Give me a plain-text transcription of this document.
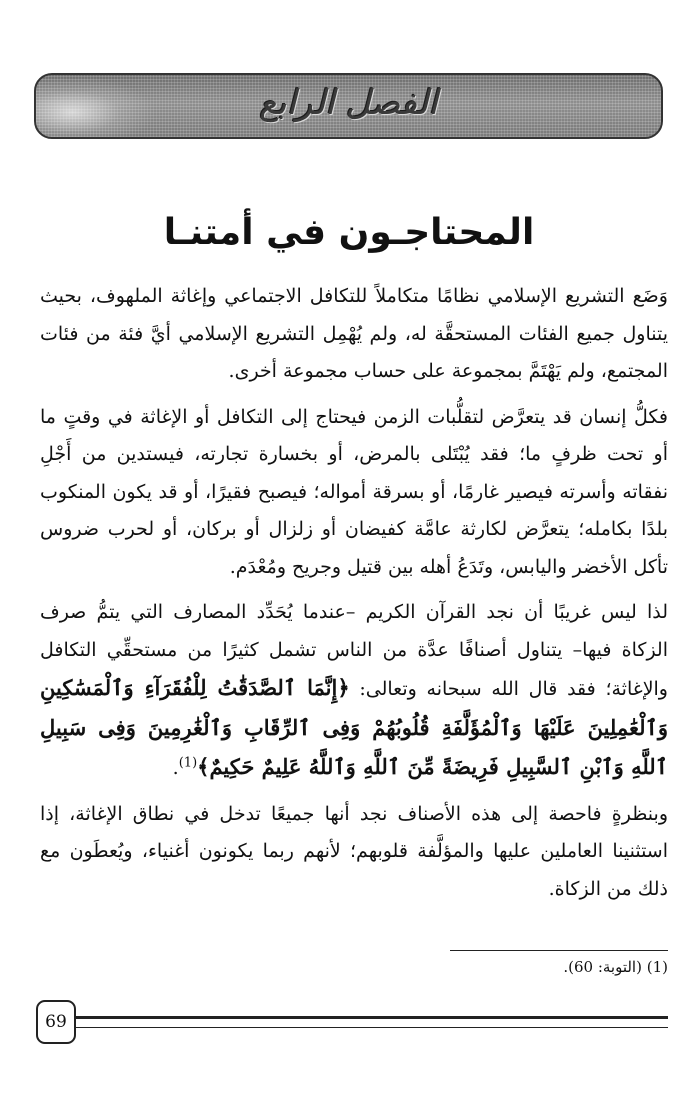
الفصل الرابع
المحتاجـون في أمتنـا

وَضَع التشريع الإسلامي نظامًا متكاملاً للتكافل الاجتماعي وإغاثة الملهوف، بحيث يتناول جميع الفئات المستحقَّة له، ولم يُهْمِل التشريع الإسلامي أيَّ فئة من فئات المجتمع، ولم يَهْتَمَّ بمجموعة على حساب مجموعة أخرى.

فكلُّ إنسان قد يتعرَّض لتقلُّبات الزمن فيحتاج إلى التكافل أو الإغاثة في وقتٍ ما أو تحت ظرفٍ ما؛ فقد يُبْتَلى بالمرض، أو بخسارة تجارته، فيستدين من أَجْلِ نفقاته وأسرته فيصير غارمًا، أو بسرقة أمواله؛ فيصبح فقيرًا، أو قد يكون المنكوب بلدًا بكامله؛ يتعرَّض لكارثة عامَّة كفيضان أو زلزال أو بركان، أو لحرب ضروس تأكل الأخضر واليابس، وتَدَعُ أهله بين قتيل وجريح ومُعْدَم.

لذا ليس غريبًا أن نجد القرآن الكريم –عندما يُحَدِّد المصارف التي يتمُّ صرف الزكاة فيها– يتناول أصنافًا عدَّة من الناس تشمل كثيرًا من مستحقِّي التكافل والإغاثة؛ فقد قال الله سبحانه وتعالى: ﴿إِنَّمَا ٱلصَّدَقَٰتُ لِلْفُقَرَآءِ وَٱلْمَسَٰكِينِ وَٱلْعَٰمِلِينَ عَلَيْهَا وَٱلْمُؤَلَّفَةِ قُلُوبُهُمْ وَفِى ٱلرِّقَابِ وَٱلْغَٰرِمِينَ وَفِى سَبِيلِ ٱللَّهِ وَٱبْنِ ٱلسَّبِيلِ فَرِيضَةً مِّنَ ٱللَّهِ وَٱللَّهُ عَلِيمٌ حَكِيمٌ﴾$^{(1)}$.

وبنظرةٍ فاحصة إلى هذه الأصناف نجد أنها جميعًا تدخل في نطاق الإغاثة، إذا استثنينا العاملين عليها والمؤلَّفة قلوبهم؛ لأنهم ربما يكونون أغنياء، ويُعطَون مع ذلك من الزكاة.

(1) (التوبة: 60).
69
